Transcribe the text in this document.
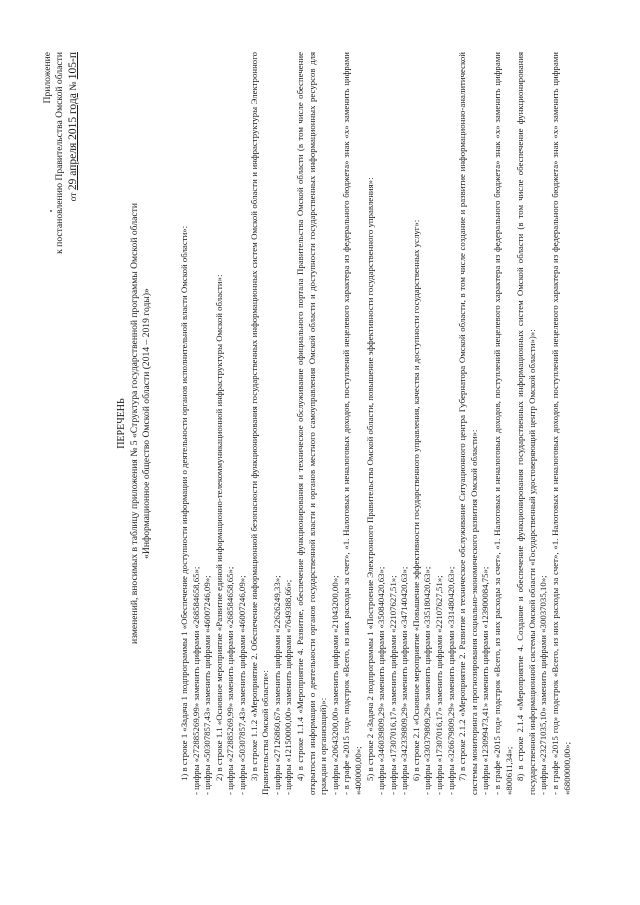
Приложение к постановлению Правительства Омской области от 29 апреля 2015 года № 105-п
ПЕРЕЧЕНЬ изменений, вносимых в таблицу приложения № 5 «Структура государственной программы Омской области «Информационное общество Омской области (2014 – 2019 годы)»	1) в строке 1 «Задача 1 подпрограммы 1 «Обеспечение доступности информации о деятельности органов исполнительной власти Омской области»: - цифры «272885269,99» заменить цифрами «268584658,65»; - цифры «50307857,43» заменить цифрами «46007246,09»; 2) в строке 1.1 «Основное мероприятие «Развитие единой информационно-телекоммуникационной инфраструктуры Омской области»: - цифры «272885269,99» заменить цифрами «268584658,65»; - цифры «50307857,43» заменить цифрами «46007246,09»; 3) в строке 1.1.2 «Мероприятие 2. Обеспечение информационной безопасности функционирования государственных информационных систем Омской области и инфраструктуры Электронного Правительства Омской области»: - цифры «27126860,67» заменить цифрами «22626249,33»; - цифры «12150000,00» заменить цифрами «7649388,66»; 4) в строке 1.1.4 «Мероприятие 4. Развитие, обеспечение функционирования и техническое обслуживание официального портала Правительства Омской области (в том числе обеспечение открытости информации о деятельности органов государственной власти и органов местного самоуправления Омской области и доступности государственных информационных ресурсов для граждан и организаций)»: - цифры «20643200,00» заменить цифрами «21043200,00»; - в графе «2015 год» подстрок «Всего, из них расходы за счет», «1. Налоговых и неналоговых доходов, поступлений нецелевого характера из федерального бюджета» знак «х» заменить цифрами «400000,00»; 5) в строке 2 «Задача 2 подпрограммы 1 «Построение Электронного Правительства Омской области, повышение эффективности государственного управления»: - цифры «346039809,29» заменить цифрами «350840420,63»; - цифры «17307016,17» заменить цифрами «22107627,51»; - цифры «342339809,29» заменить цифрами «347140420,63»; 6) в строке 2.1 «Основное мероприятие «Повышение эффективности государственного управления, качества и доступности государственных услуг»: - цифры «330379809,29» заменить цифрами «335180420,63»; - цифры «17307016,17» заменить цифрами «22107627,51»; - цифры «326679809,29» заменить цифрами «331480420,63»; 7) в строке 2.1.2 «Мероприятие 2. Развитие и техническое обслуживание Ситуационного центра Губернатора Омской области, в том числе создание и развитие информационно-аналитической системы мониторинга и прогнозирования социально-экономического развития Омской области»: - цифры «123099473,41» заменить цифрами «123900084,75»; - в графе «2015 год» подстрок «Всего, из них расходы за счет», «1. Налоговых и неналоговых доходов, поступлений нецелевого характера из федерального бюджета» знак «х» заменить цифрами «800611,34»; 8) в строке 2.1.4 «Мероприятие 4. Создание и обеспечение функционирования государственных информационных систем Омской области (в том числе обеспечение функционирования государственной информационной системы Омской области «Государственный удостоверяющий центр Омской области»)»: - цифры «23271035,10» заменить цифрами «30037035,10»; - в графе «2015 год» подстрок «Всего, из них расходы за счет», «1. Налоговых и неналоговых доходов, поступлений нецелевого характера из федерального бюджета» знак «х» заменить цифрами «6800000,00»;
